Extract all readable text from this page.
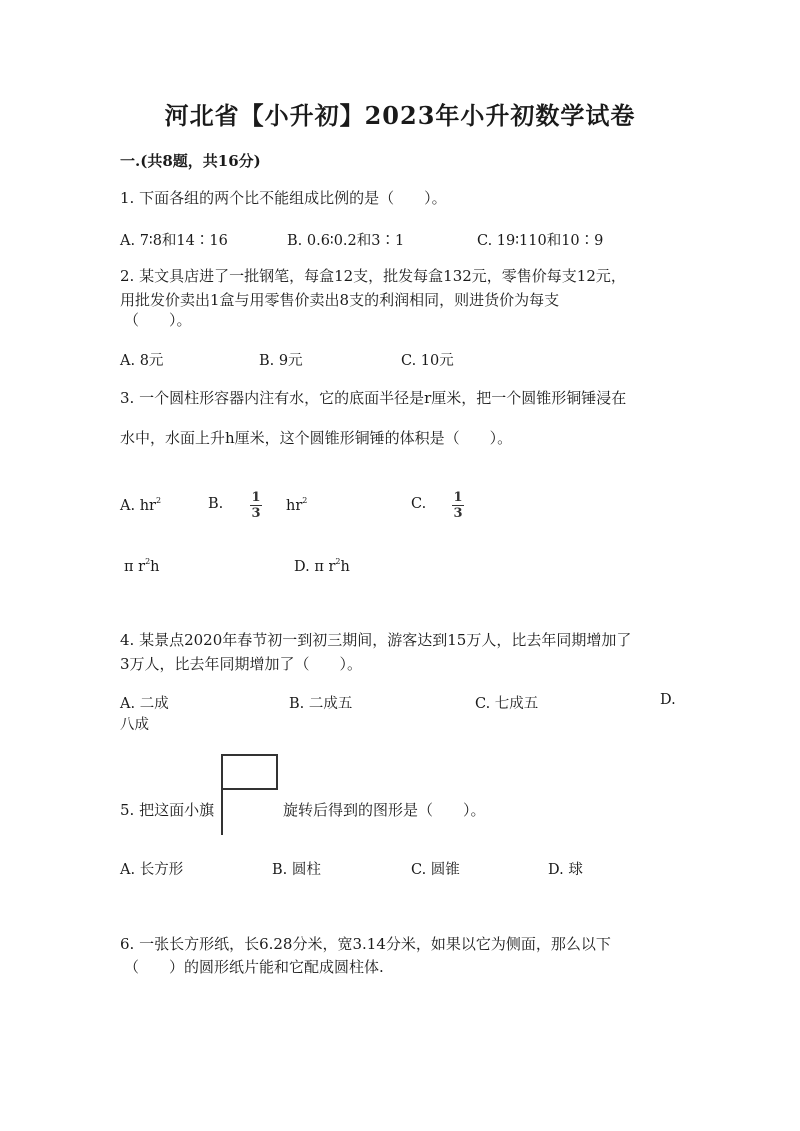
河北省【小升初】2023年小升初数学试卷
一.(共8题，共16分)
1. 下面各组的两个比不能组成比例的是（　　）。
A. 7∶8和14∶16	B. 0.6∶0.2和3∶1	C. 19∶110和10∶9
2. 某文具店进了一批钢笔，每盒12支，批发每盒132元，零售价每支12元，
用批发价卖出1盒与用零售价卖出8支的利润相同，则进货价为每支
（　　）。
A. 8元	B. 9元	C. 10元
3. 一个圆柱形容器内注有水，它的底面半径是r厘米，把一个圆锥形铜锤浸在
水中，水面上升h厘米，这个圆锥形铜锤的体积是（　　）。
A. $hr^2$	B. 1
3 $hr^2$	C. 1
3
π $r^2h$	D. π $r^2h$
4. 某景点2020年春节初一到初三期间，游客达到15万人，比去年同期增加了
3万人，比去年同期增加了（　　）。
A. 二成	B. 二成五	C. 七成五	D.
八成
5. 把这面小旗	旋转后得到的图形是（　　）。
A. 长方形	B. 圆柱	C. 圆锥	D. 球
6. 一张长方形纸，长6.28分米，宽3.14分米，如果以它为侧面，那么以下
（　　）的圆形纸片能和它配成圆柱体.
